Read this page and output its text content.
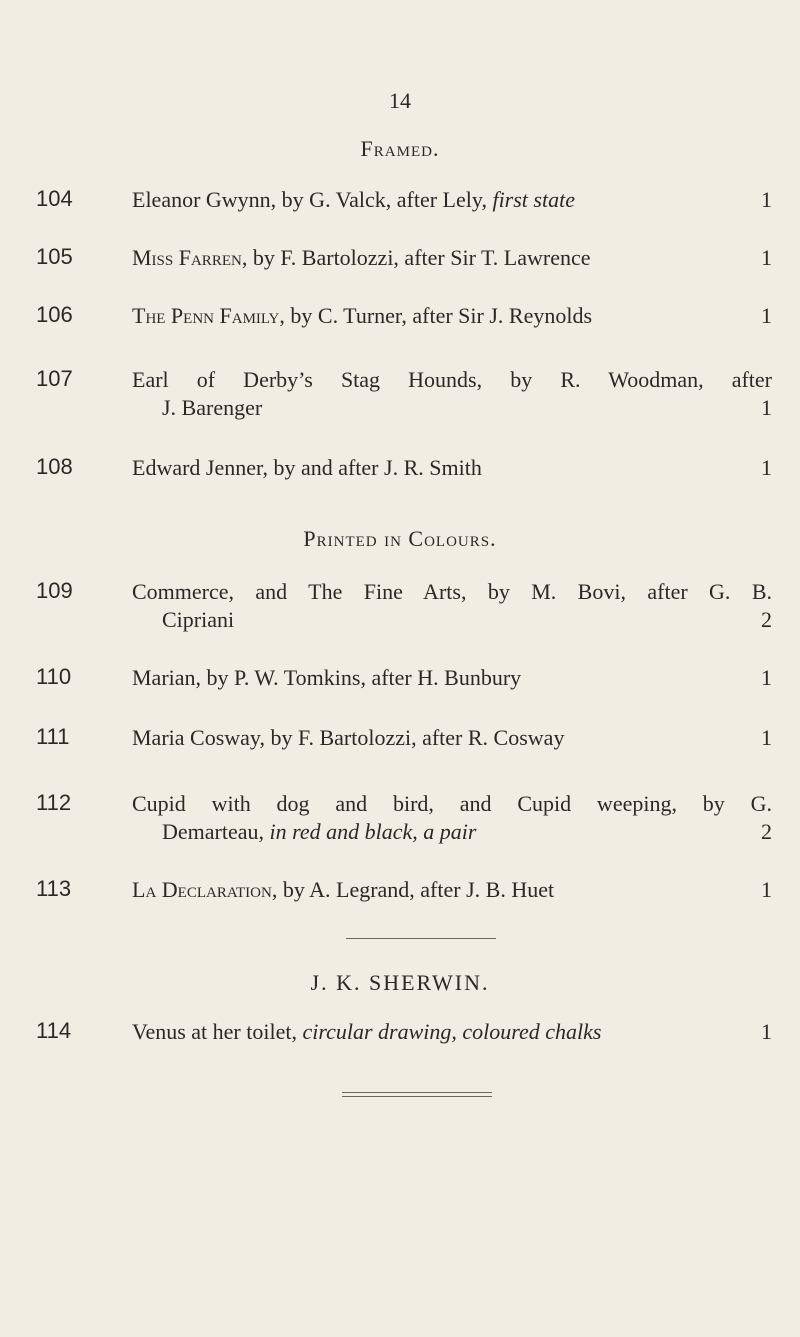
14
Framed.
104	Eleanor Gwynn, by G. Valck, after Lely, first state	1
105	Miss Farren, by F. Bartolozzi, after Sir T. Lawrence	1
106	The Penn Family, by C. Turner, after Sir J. Reynolds	1
107	Earl of Derby’s Stag Hounds, by R. Woodman, after
J. Barenger	1
108	Edward Jenner, by and after J. R. Smith	1
Printed in Colours.
109	Commerce, and The Fine Arts, by M. Bovi, after G. B.
Cipriani	2
110	Marian, by P. W. Tomkins, after H. Bunbury	1
111	Maria Cosway, by F. Bartolozzi, after R. Cosway	1
112	Cupid with dog and bird, and Cupid weeping, by G.
Demarteau, in red and black, a pair	2
113	La Declaration, by A. Legrand, after J. B. Huet	1
J. K. SHERWIN.
114	Venus at her toilet, circular drawing, coloured chalks	1
